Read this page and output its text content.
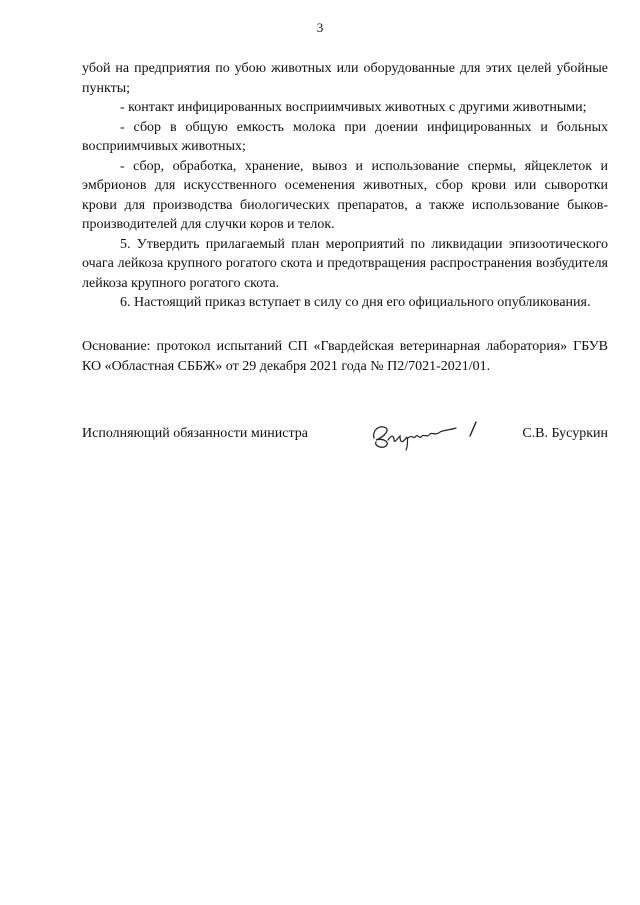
3

убой на предприятия по убою животных или оборудованные для этих целей убойные пункты;

- контакт инфицированных восприимчивых животных с другими животными;

- сбор в общую емкость молока при доении инфицированных и больных восприимчивых животных;

- сбор, обработка, хранение, вывоз и использование спермы, яйцеклеток и эмбрионов для искусственного осеменения животных, сбор крови или сыворотки крови для производства биологических препаратов, а также использование быков-производителей для случки коров и телок.

5. Утвердить прилагаемый план мероприятий по ликвидации эпизоотического очага лейкоза крупного рогатого скота и предотвращения распространения возбудителя лейкоза крупного рогатого скота.

6. Настоящий приказ вступает в силу со дня его официального опубликования.

Основание: протокол испытаний СП «Гвардейская ветеринарная лаборатория» ГБУВ КО «Областная СББЖ» от 29 декабря 2021 года № П2/7021-2021/01.
Исполняющий обязанности министра	С.В. Бусуркин
